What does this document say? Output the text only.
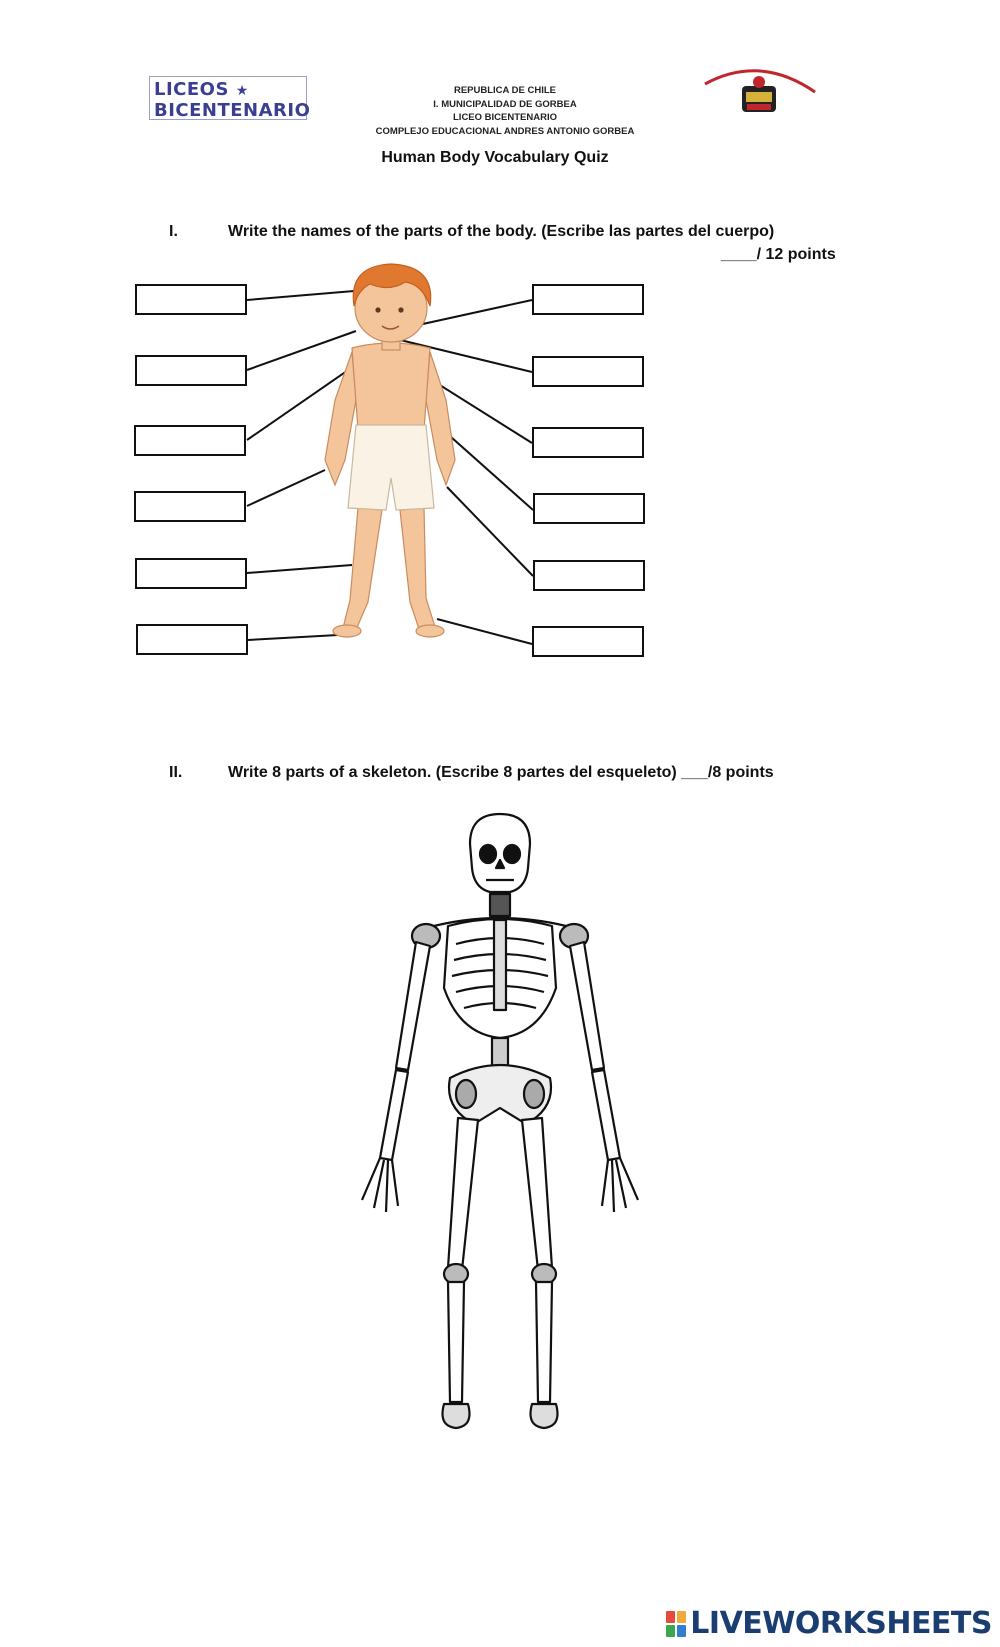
LICEOS ★
BICENTENARIO
REPUBLICA DE CHILE
I. MUNICIPALIDAD DE GORBEA
LICEO BICENTENARIO
COMPLEJO EDUCACIONAL ANDRES ANTONIO GORBEA
Human Body Vocabulary Quiz
I.	Write the names of the parts of the body. (Escribe las partes del cuerpo)
____/ 12 points
II.	Write 8 parts of a skeleton. (Escribe 8 partes del esqueleto) ___/8 points
LIVEWORKSHEETS
